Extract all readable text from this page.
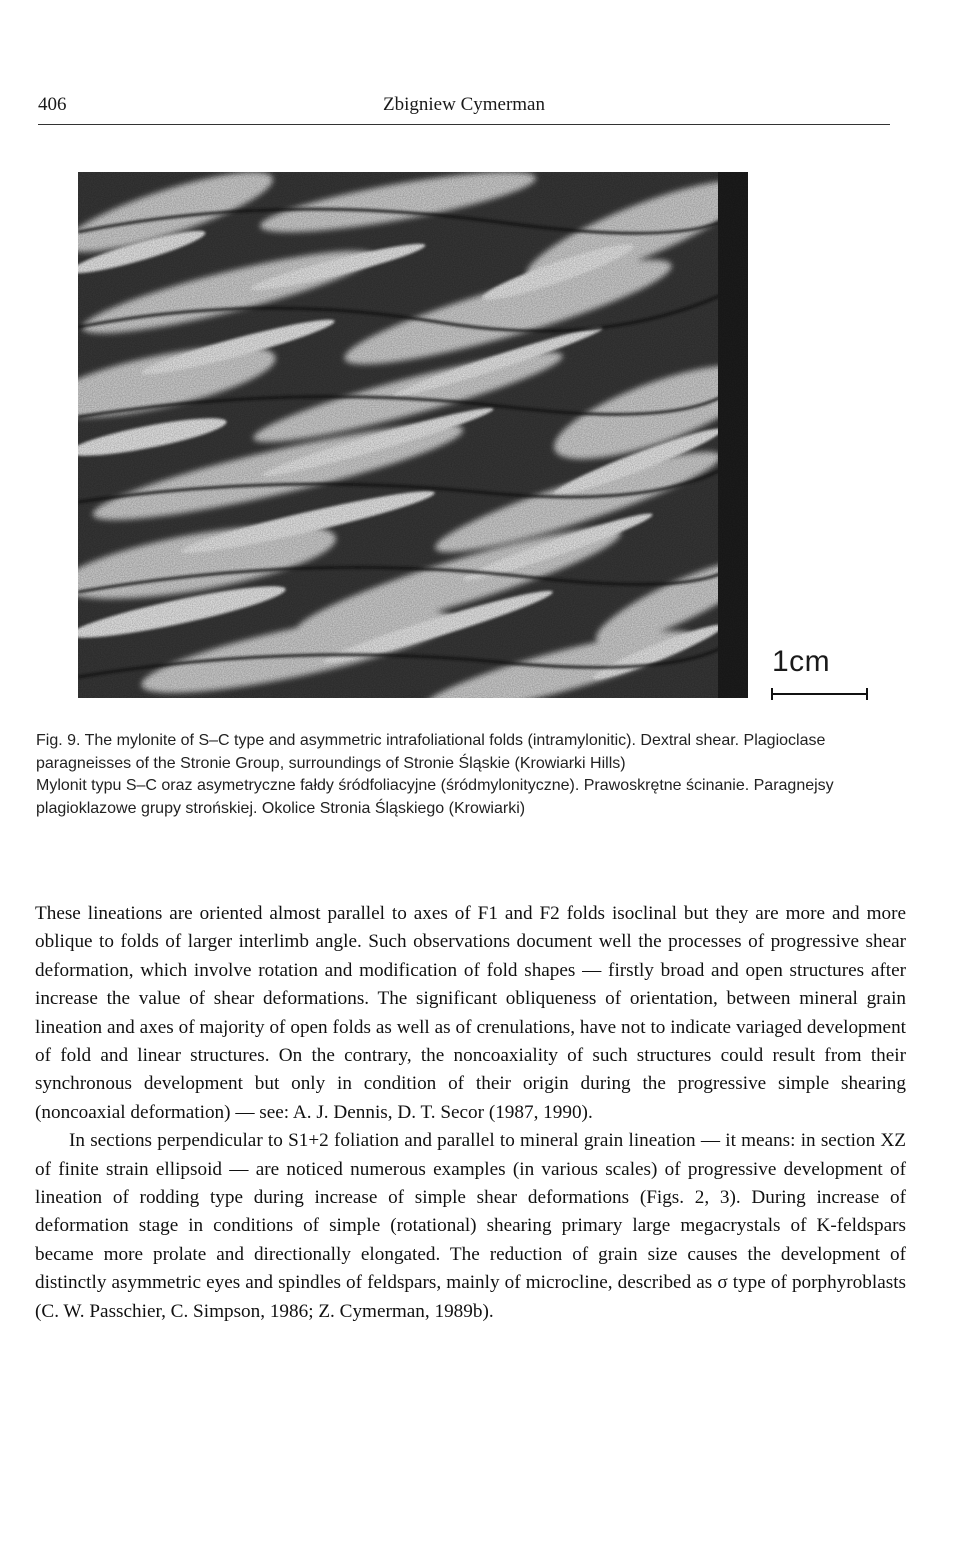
406	Zbigniew Cymerman
1cm

Fig. 9. The mylonite of S–C type and asymmetric intrafoliational folds (intramylonitic). Dextral shear. Plagioclase paragneisses of the Stronie Group, surroundings of Stronie Śląskie (Krowiarki Hills)

Mylonit typu S–C oraz asymetryczne fałdy śródfoliacyjne (śródmylonityczne). Prawoskrętne ścinanie. Paragnejsy plagioklazowe grupy strońskiej. Okolice Stronia Śląskiego (Krowiarki)

These lineations are oriented almost parallel to axes of F1 and F2 folds isoclinal but they are more and more oblique to folds of larger interlimb angle. Such observations document well the processes of progressive shear deformation, which involve rotation and modification of fold shapes — firstly broad and open structures after increase the value of shear deformations. The significant obliqueness of orientation, between mineral grain lineation and axes of majority of open folds as well as of crenulations, have not to indicate variaged development of fold and linear structures. On the contrary, the noncoaxiality of such structures could result from their synchronous development but only in condition of their origin during the progressive simple shearing (noncoaxial deformation) — see: A. J. Dennis, D. T. Secor (1987, 1990).

In sections perpendicular to S1+2 foliation and parallel to mineral grain lineation — it means: in section XZ of finite strain ellipsoid — are noticed numerous examples (in various scales) of progressive development of lineation of rodding type during increase of simple shear deformations (Figs. 2, 3). During increase of deformation stage in conditions of simple (rotational) shearing primary large megacrystals of K-feldspars became more prolate and directionally elongated. The reduction of grain size causes the development of distinctly asymmetric eyes and spindles of feldspars, mainly of microcline, described as σ type of porphyroblasts (C. W. Passchier, C. Simpson, 1986; Z. Cymerman, 1989b).
